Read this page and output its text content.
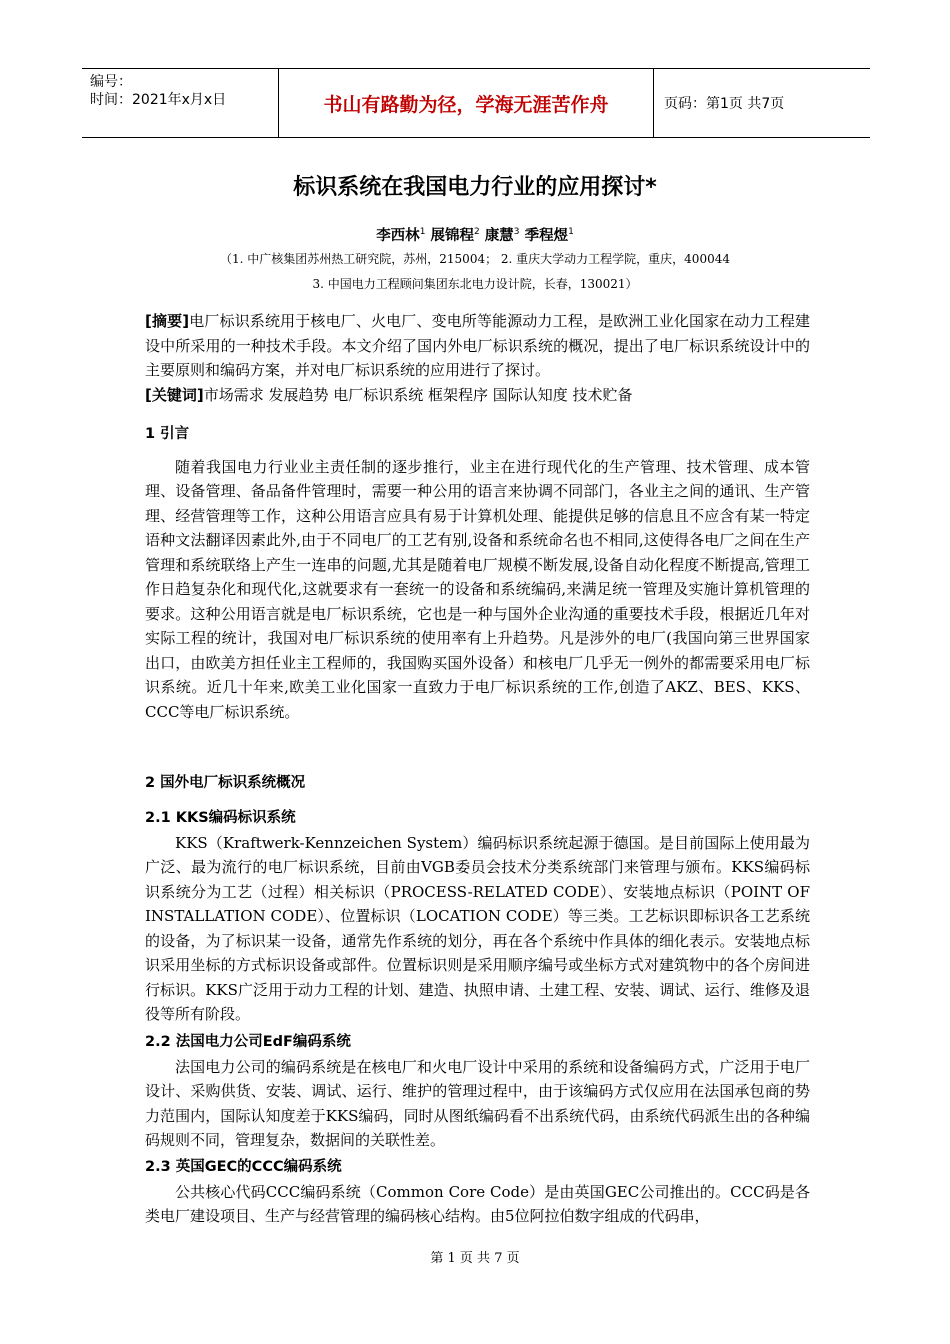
编号：
时间：2021年x月x日	书山有路勤为径，学海无涯苦作舟	页码：第1页 共7页
标识系统在我国电力行业的应用探讨*
李西林$^1$ 展锦程$^2$ 康慧$^3$ 季程煜$^1$
（1. 中广核集团苏州热工研究院，苏州，215004； 2. 重庆大学动力工程学院，重庆，400044
3. 中国电力工程顾问集团东北电力设计院，长春，130021）

[摘要]电厂标识系统用于核电厂、火电厂、变电所等能源动力工程，是欧洲工业化国家在动力工程建设中所采用的一种技术手段。本文介绍了国内外电厂标识系统的概况，提出了电厂标识系统设计中的主要原则和编码方案，并对电厂标识系统的应用进行了探讨。

[关键词]市场需求 发展趋势 电厂标识系统 框架程序 国际认知度 技术贮备

1 引言

随着我国电力行业业主责任制的逐步推行，业主在进行现代化的生产管理、技术管理、成本管理、设备管理、备品备件管理时，需要一种公用的语言来协调不同部门，各业主之间的通讯、生产管理、经营管理等工作，这种公用语言应具有易于计算机处理、能提供足够的信息且不应含有某一特定语种文法翻译因素此外,由于不同电厂的工艺有别,设备和系统命名也不相同,这使得各电厂之间在生产管理和系统联络上产生一连串的问题,尤其是随着电厂规模不断发展,设备自动化程度不断提高,管理工作日趋复杂化和现代化,这就要求有一套统一的设备和系统编码,来满足统一管理及实施计算机管理的要求。这种公用语言就是电厂标识系统，它也是一种与国外企业沟通的重要技术手段，根据近几年对实际工程的统计，我国对电厂标识系统的使用率有上升趋势。凡是涉外的电厂(我国向第三世界国家出口，由欧美方担任业主工程师的，我国购买国外设备）和核电厂几乎无一例外的都需要采用电厂标识系统。近几十年来,欧美工业化国家一直致力于电厂标识系统的工作,创造了AKZ、BES、KKS、CCC等电厂标识系统。

2 国外电厂标识系统概况

2.1 KKS编码标识系统

KKS（Kraftwerk-Kennzeichen System）编码标识系统起源于德国。是目前国际上使用最为广泛、最为流行的电厂标识系统，目前由VGB委员会技术分类系统部门来管理与颁布。KKS编码标识系统分为工艺（过程）相关标识（PROCESS-RELATED CODE）、安装地点标识（POINT OF INSTALLATION CODE）、位置标识（LOCATION CODE）等三类。工艺标识即标识各工艺系统的设备，为了标识某一设备，通常先作系统的划分，再在各个系统中作具体的细化表示。安装地点标识采用坐标的方式标识设备或部件。位置标识则是采用顺序编号或坐标方式对建筑物中的各个房间进行标识。KKS广泛用于动力工程的计划、建造、执照申请、土建工程、安装、调试、运行、维修及退役等所有阶段。

2.2 法国电力公司EdF编码系统

法国电力公司的编码系统是在核电厂和火电厂设计中采用的系统和设备编码方式，广泛用于电厂设计、采购供货、安装、调试、运行、维护的管理过程中，由于该编码方式仅应用在法国承包商的势力范围内，国际认知度差于KKS编码，同时从图纸编码看不出系统代码，由系统代码派生出的各种编码规则不同，管理复杂，数据间的关联性差。

2.3 英国GEC的CCC编码系统

公共核心代码CCC编码系统（Common Core Code）是由英国GEC公司推出的。CCC码是各类电厂建设项目、生产与经营管理的编码核心结构。由5位阿拉伯数字组成的代码串，

第 1 页 共 7 页
